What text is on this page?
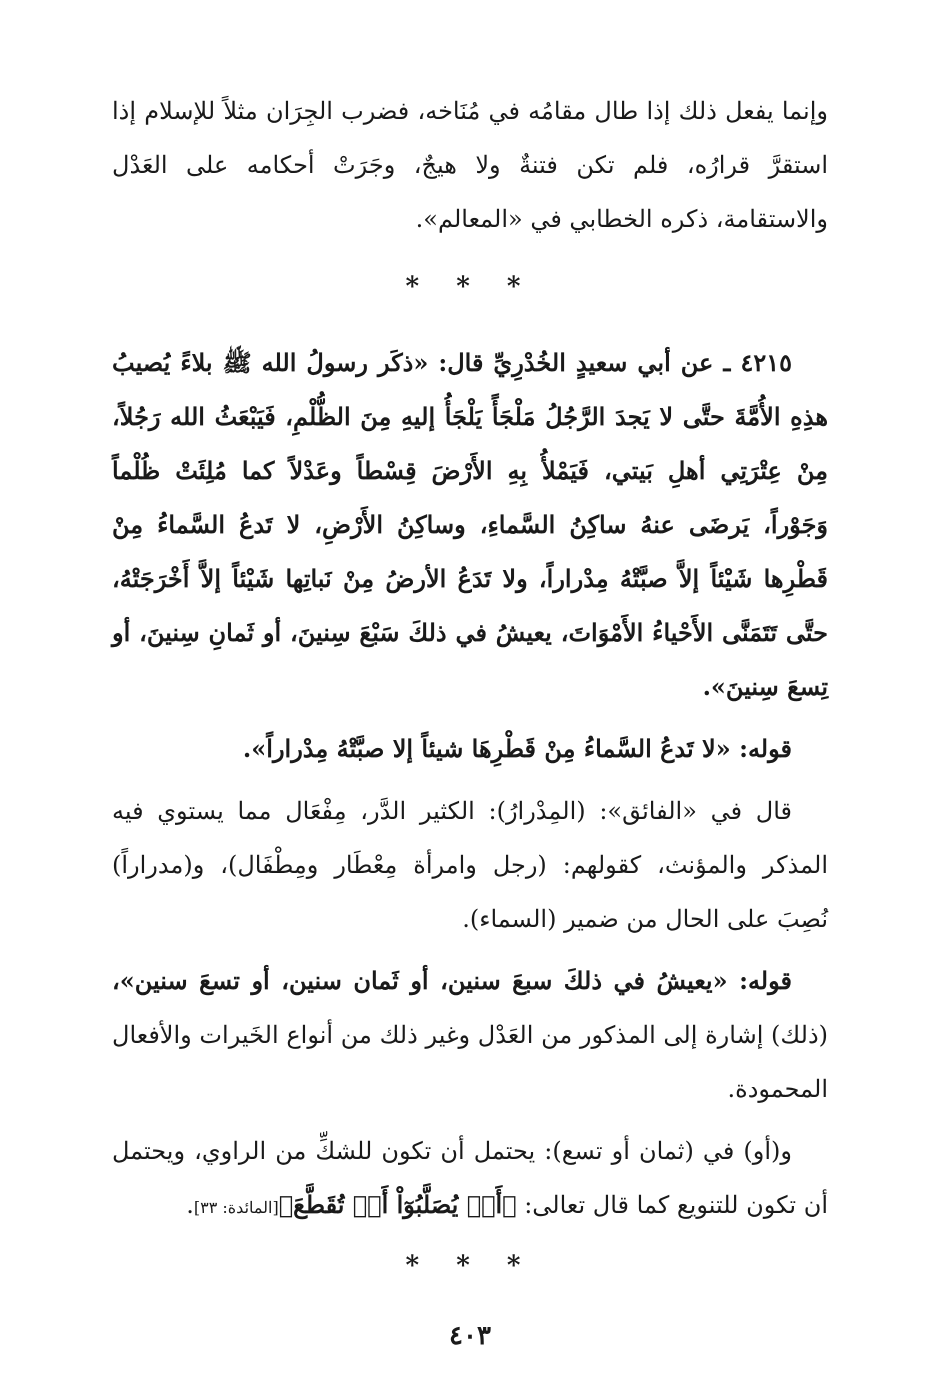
وإنما يفعل ذلك إذا طال مقامُه في مُنَاخه، فضرب الجِرَان مثلاً للإسلام إذا استقرَّ قرارُه، فلم تكن فتنةٌ ولا هيجٌ، وجَرَتْ أحكامه على العَدْل والاستقامة، ذكره الخطابي في «المعالم».

* * *

٤٢١٥ ـ عن أبي سعيدٍ الخُدْرِيِّ قال: «ذكَر رسولُ الله ﷺ بلاءً يُصيبُ هذِهِ الأُمَّةَ حتَّى لا يَجدَ الرَّجُلُ مَلْجَأً يَلْجَأُ إليهِ مِنَ الظُّلْمِ، فَيَبْعَثُ الله رَجُلاً، مِنْ عِتْرَتِي أهلِ بَيتي، فَيَمْلأُ بِهِ الأَرْضَ قِسْطاً وعَدْلاً كما مُلِئَتْ ظُلْماً وَجَوْراً، يَرضَى عنهُ ساكِنُ السَّماءِ، وساكِنُ الأَرْضِ، لا تَدعُ السَّماءُ مِنْ قَطْرِها شَيْئاً إلاَّ صبَّتْهُ مِدْراراً، ولا تَدَعُ الأرضُ مِنْ نَباتِها شَيْئاً إلاَّ أَخْرَجَتْهُ، حتَّى تَتَمَنَّى الأَحْياءُ الأَمْوَاتَ، يعيشُ في ذلكَ سَبْعَ سِنينَ، أو ثَمانِ سِنينَ، أو تِسعَ سِنينَ».

قوله: «لا تَدعُ السَّماءُ مِنْ قَطْرِهَا شيئاً إلا صبَّتْهُ مِدْراراً».

قال في «الفائق»: (المِدْرارُ): الكثير الدَّر، مِفْعَال مما يستوي فيه المذكر والمؤنث، كقولهم: (رجل وامرأة مِعْطَار ومِطْفَال)، و(مدراراً) نُصِبَ على الحال من ضمير (السماء).

قوله: «يعيشُ في ذلكَ سبعَ سنين، أو ثَمان سنين، أو تسعَ سنين»، (ذلك) إشارة إلى المذكور من العَدْل وغير ذلك من أنواع الخَيرات والأفعال المحمودة.

و(أو) في (ثمان أو تسع): يحتمل أن تكون للشكِّ من الراوي، ويحتمل أن تكون للتنويع كما قال تعالى: ﴿أَوۡ يُصَلَّبُوٓاْ أَوۡ تُقَطَّعَ﴾[المائدة: ٣٣].

* * *
٤٠٣
